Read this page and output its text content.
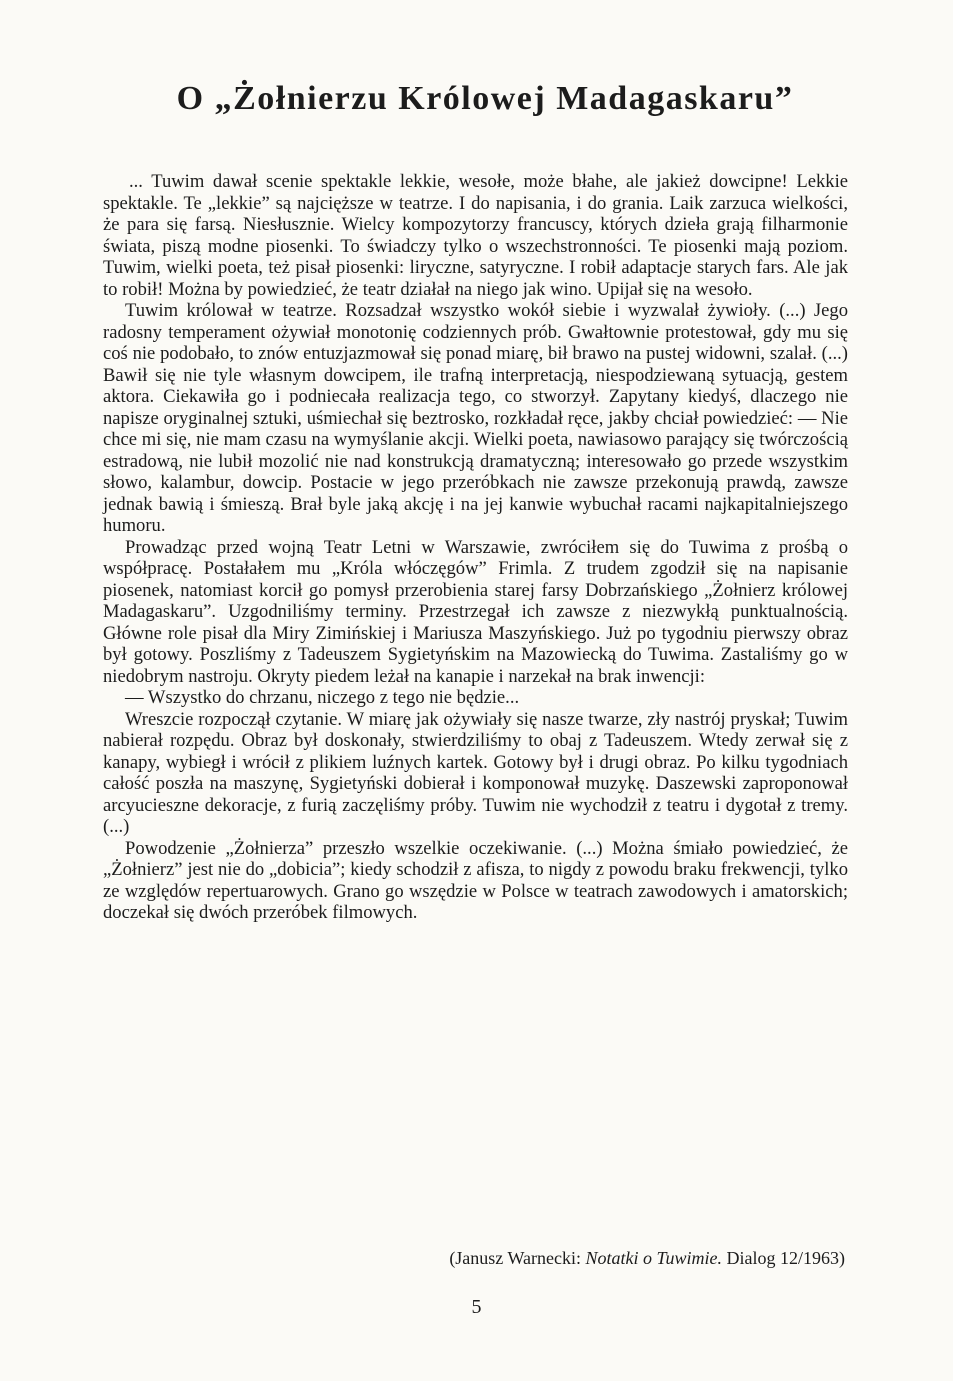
O „Żołnierzu Królowej Madagaskaru”

... Tuwim dawał scenie spektakle lekkie, wesołe, może błahe, ale jakież dowcipne! Lekkie spektakle. Te „lekkie” są najcięższe w teatrze. I do napisania, i do grania. Laik zarzuca wielkości, że para się farsą. Niesłusznie. Wielcy kompozytorzy francuscy, których dzieła grają filharmonie świata, piszą modne piosenki. To świadczy tylko o wszechstronności. Te piosenki mają poziom. Tuwim, wielki poeta, też pisał piosenki: liryczne, satyryczne. I robił adaptacje starych fars. Ale jak to robił! Można by powiedzieć, że teatr działał na niego jak wino. Upijał się na wesoło.

Tuwim królował w teatrze. Rozsadzał wszystko wokół siebie i wyzwalał żywioły. (...) Jego radosny temperament ożywiał monotonię codziennych prób. Gwałtownie protestował, gdy mu się coś nie podobało, to znów entuzjazmował się ponad miarę, bił brawo na pustej widowni, szalał. (...) Bawił się nie tyle własnym dowcipem, ile trafną interpretacją, niespodziewaną sytuacją, gestem aktora. Ciekawiła go i podniecała realizacja tego, co stworzył. Zapytany kiedyś, dlaczego nie napisze oryginalnej sztuki, uśmiechał się beztrosko, rozkładał ręce, jakby chciał powiedzieć: — Nie chce mi się, nie mam czasu na wymyślanie akcji. Wielki poeta, nawiasowo parający się twórczością estradową, nie lubił mozolić nie nad konstrukcją dramatyczną; interesowało go przede wszystkim słowo, kalambur, dowcip. Postacie w jego przeróbkach nie zawsze przekonują prawdą, zawsze jednak bawią i śmieszą. Brał byle jaką akcję i na jej kanwie wybuchał racami najkapitalniejszego humoru.

Prowadząc przed wojną Teatr Letni w Warszawie, zwróciłem się do Tuwima z prośbą o współpracę. Postałałem mu „Króla włóczęgów” Frimla. Z trudem zgodził się na napisanie piosenek, natomiast korcił go pomysł przerobienia starej farsy Dobrzańskiego „Żołnierz królowej Madagaskaru”. Uzgodniliśmy terminy. Przestrzegał ich zawsze z niezwykłą punktualnością. Główne role pisał dla Miry Zimińskiej i Mariusza Maszyńskiego. Już po tygodniu pierwszy obraz był gotowy. Poszliśmy z Tadeuszem Sygietyńskim na Mazowiecką do Tuwima. Zastaliśmy go w niedobrym nastroju. Okryty piedem leżał na kanapie i narzekał na brak inwencji:

— Wszystko do chrzanu, niczego z tego nie będzie...

Wreszcie rozpoczął czytanie. W miarę jak ożywiały się nasze twarze, zły nastrój pryskał; Tuwim nabierał rozpędu. Obraz był doskonały, stwierdziliśmy to obaj z Tadeuszem. Wtedy zerwał się z kanapy, wybiegł i wrócił z plikiem luźnych kartek. Gotowy był i drugi obraz. Po kilku tygodniach całość poszła na maszynę, Sygietyński dobierał i komponował muzykę. Daszewski zaproponował arcyucieszne dekoracje, z furią zaczęliśmy próby. Tuwim nie wychodził z teatru i dygotał z tremy. (...)

Powodzenie „Żołnierza” przeszło wszelkie oczekiwanie. (...) Można śmiało powiedzieć, że „Żołnierz” jest nie do „dobicia”; kiedy schodził z afisza, to nigdy z powodu braku frekwencji, tylko ze względów repertuarowych. Grano go wszędzie w Polsce w teatrach zawodowych i amatorskich; doczekał się dwóch przeróbek filmowych.

(Janusz Warnecki: Notatki o Tuwimie. Dialog 12/1963)
5
